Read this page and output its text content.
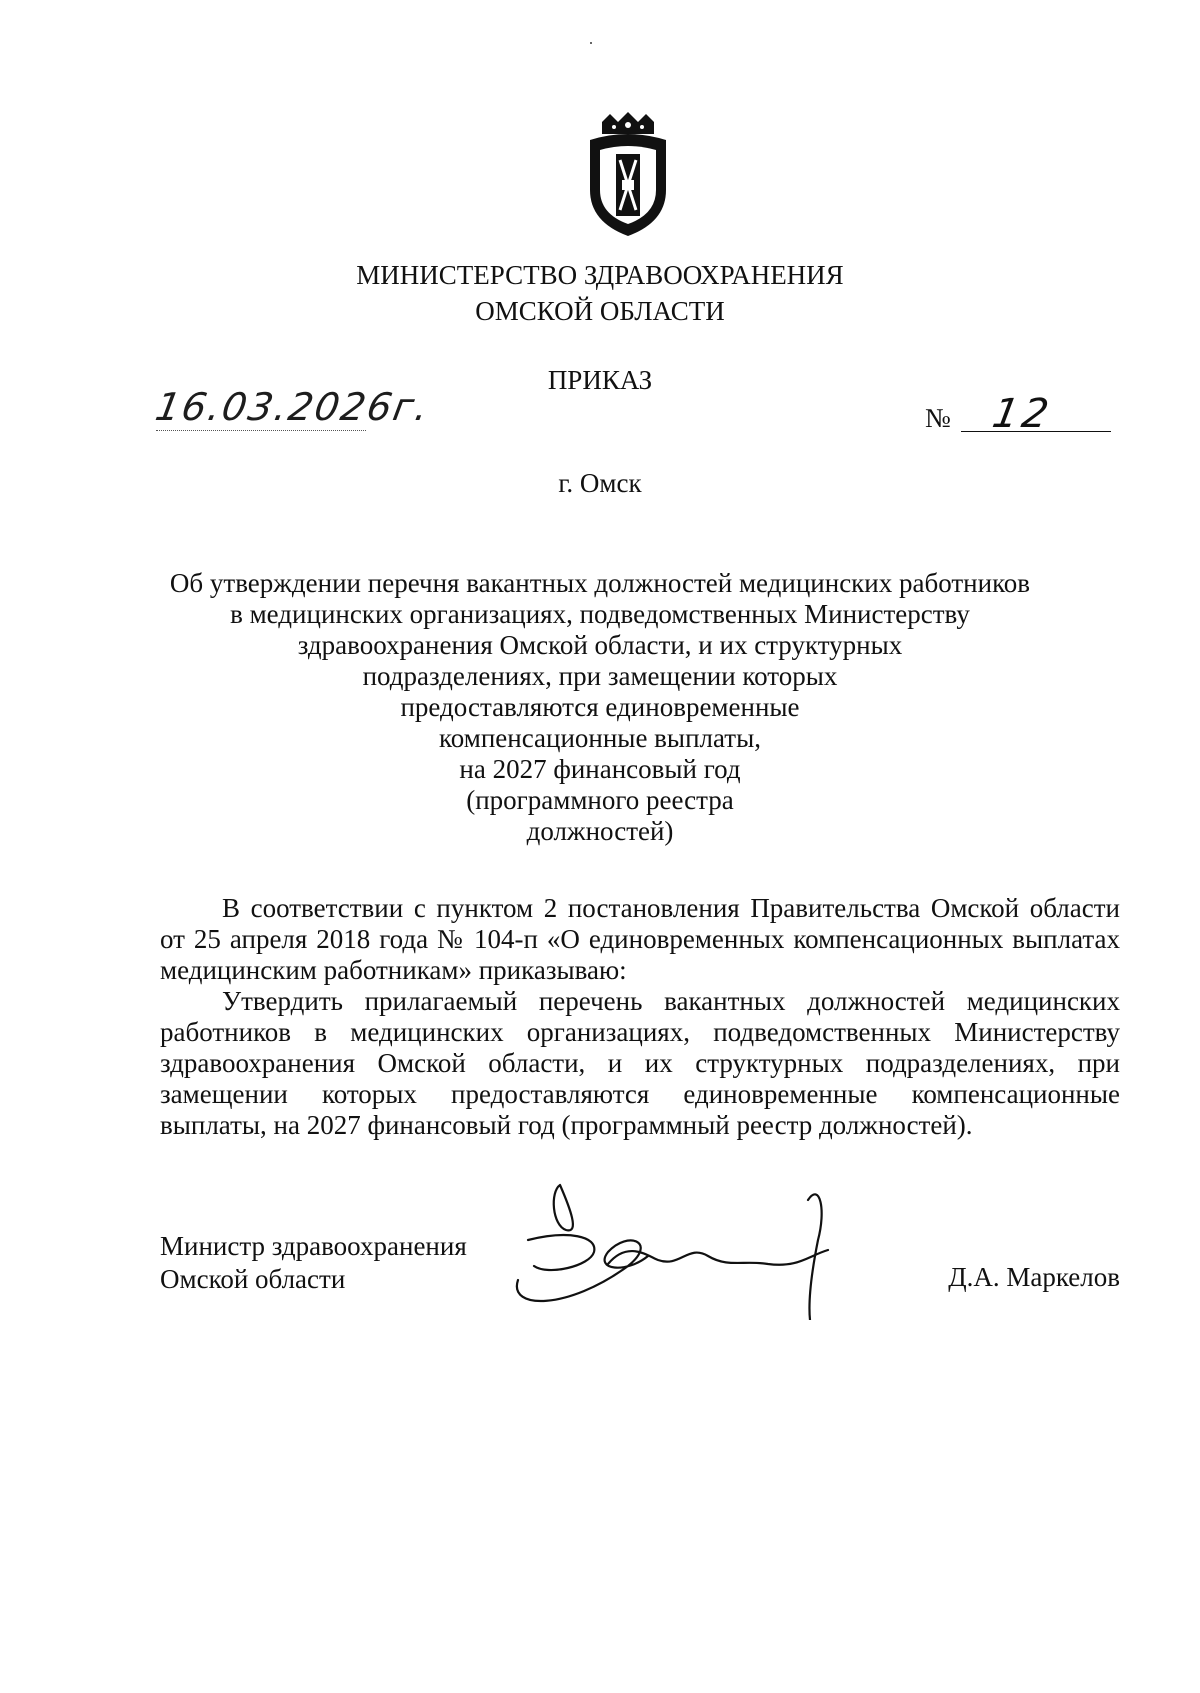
МИНИСТЕРСТВО ЗДРАВООХРАНЕНИЯ
ОМСКОЙ ОБЛАСТИ
ПРИКАЗ
16.03.2026г.	№ 12
г. Омск
Об утверждении перечня вакантных должностей медицинских работников
в медицинских организациях, подведомственных Министерству
здравоохранения Омской области, и их структурных
подразделениях, при замещении которых
предоставляются единовременные
компенсационные выплаты,
на 2027 финансовый год
(программного реестра
должностей)

В соответствии с пунктом 2 постановления Правительства Омской области от 25 апреля 2018 года № 104-п «О единовременных компенсационных выплатах медицинским работникам» приказываю:

Утвердить прилагаемый перечень вакантных должностей медицинских работников в медицинских организациях, подведомственных Министерству здравоохранения Омской области, и их структурных подразделениях, при замещении которых предоставляются единовременные компенсационные выплаты, на 2027 финансовый год (программный реестр должностей).

Министр здравоохранения
Омской области	Д.А. Маркелов
